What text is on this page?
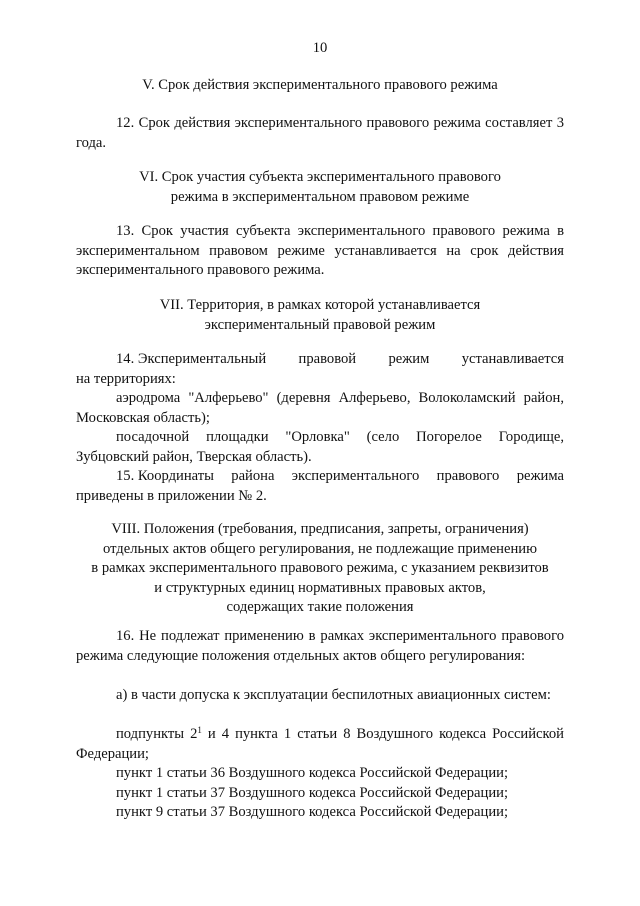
10
V. Срок действия экспериментального правового режима
12. Срок действия экспериментального правового режима составляет 3 года.
VI. Срок участия субъекта экспериментального правового
режима в экспериментальном правовом режиме
13. Срок участия субъекта экспериментального правового режима в экспериментальном правовом режиме устанавливается на срок действия экспериментального правового режима.
VII. Территория, в рамках которой устанавливается
экспериментальный правовой режим
14. Экспериментальный правовой режим устанавливается
на территориях:
аэродрома "Алферьево" (деревня Алферьево, Волоколамский район, Московская область);
посадочной площадки "Орловка" (село Погорелое Городище, Зубцовский район, Тверская область).
15. Координаты района экспериментального правового режима
приведены в приложении № 2.
VIII. Положения (требования, предписания, запреты, ограничения)
отдельных актов общего регулирования, не подлежащие применению
в рамках экспериментального правового режима, с указанием реквизитов
и структурных единиц нормативных правовых актов,
содержащих такие положения
16. Не подлежат применению в рамках экспериментального правового режима следующие положения отдельных актов общего регулирования:
а) в части допуска к эксплуатации беспилотных авиационных систем:
подпункты $2^1$ и 4 пункта 1 статьи 8 Воздушного кодекса Российской Федерации;
пункт 1 статьи 36 Воздушного кодекса Российской Федерации;
пункт 1 статьи 37 Воздушного кодекса Российской Федерации;
пункт 9 статьи 37 Воздушного кодекса Российской Федерации;
